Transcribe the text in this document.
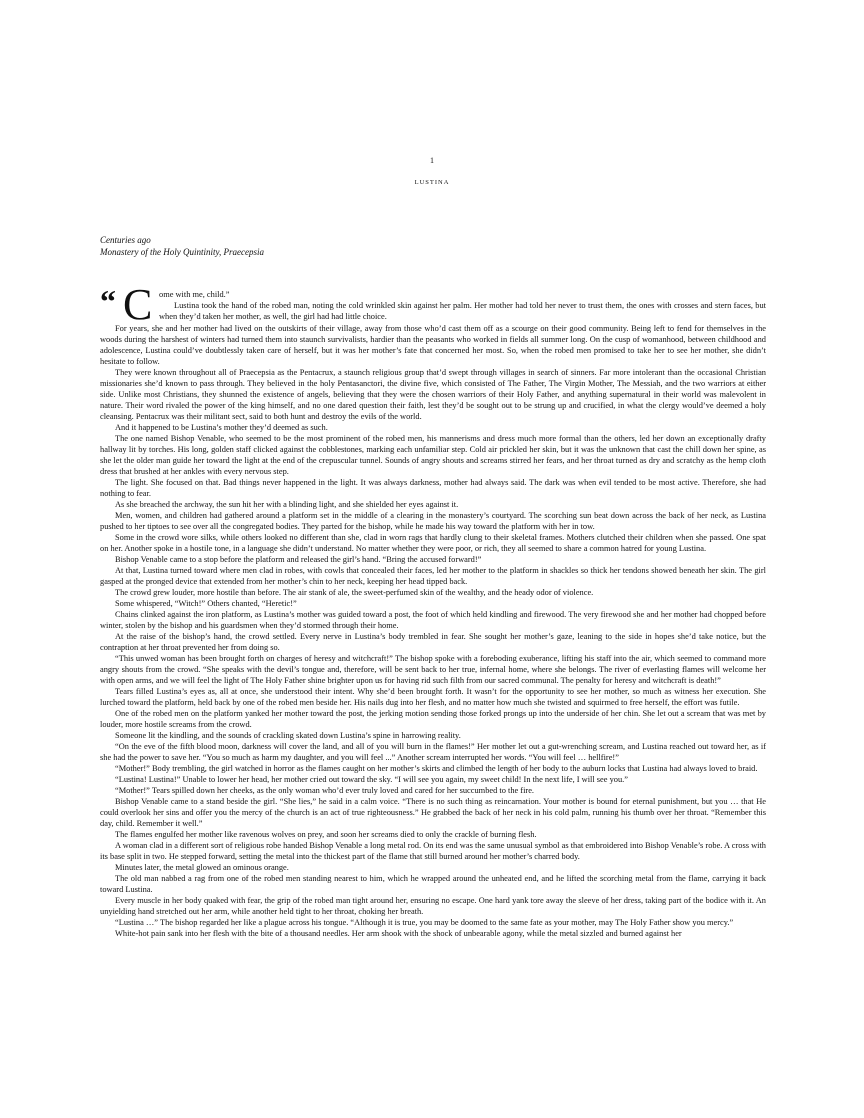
1
LUSTINA
Centuries ago
Monastery of the Holy Quintinity, Praecepsia

“ C ome with me, child.”

Lustina took the hand of the robed man, noting the cold wrinkled skin against her palm. Her mother had told her never to trust them, the ones with crosses and stern faces, but when they’d taken her mother, as well, the girl had had little choice.

For years, she and her mother had lived on the outskirts of their village, away from those who’d cast them off as a scourge on their good community. Being left to fend for themselves in the woods during the harshest of winters had turned them into staunch survivalists, hardier than the peasants who worked in fields all summer long. On the cusp of womanhood, between childhood and adolescence, Lustina could’ve doubtlessly taken care of herself, but it was her mother’s fate that concerned her most. So, when the robed men promised to take her to see her mother, she didn’t hesitate to follow.

They were known throughout all of Praecepsia as the Pentacrux, a staunch religious group that’d swept through villages in search of sinners. Far more intolerant than the occasional Christian missionaries she’d known to pass through. They believed in the holy Pentasanctori, the divine five, which consisted of The Father, The Virgin Mother, The Messiah, and the two warriors at either side. Unlike most Christians, they shunned the existence of angels, believing that they were the chosen warriors of their Holy Father, and anything supernatural in their world was malevolent in nature. Their word rivaled the power of the king himself, and no one dared question their faith, lest they’d be sought out to be strung up and crucified, in what the clergy would’ve deemed a holy cleansing. Pentacrux was their militant sect, said to both hunt and destroy the evils of the world.

And it happened to be Lustina’s mother they’d deemed as such.

The one named Bishop Venable, who seemed to be the most prominent of the robed men, his mannerisms and dress much more formal than the others, led her down an exceptionally drafty hallway lit by torches. His long, golden staff clicked against the cobblestones, marking each unfamiliar step. Cold air prickled her skin, but it was the unknown that cast the chill down her spine, as she let the older man guide her toward the light at the end of the crepuscular tunnel. Sounds of angry shouts and screams stirred her fears, and her throat turned as dry and scratchy as the hemp cloth dress that brushed at her ankles with every nervous step.

The light. She focused on that. Bad things never happened in the light. It was always darkness, mother had always said. The dark was when evil tended to be most active. Therefore, she had nothing to fear.

As she breached the archway, the sun hit her with a blinding light, and she shielded her eyes against it.

Men, women, and children had gathered around a platform set in the middle of a clearing in the monastery’s courtyard. The scorching sun beat down across the back of her neck, as Lustina pushed to her tiptoes to see over all the congregated bodies. They parted for the bishop, while he made his way toward the platform with her in tow.

Some in the crowd wore silks, while others looked no different than she, clad in worn rags that hardly clung to their skeletal frames. Mothers clutched their children when she passed. One spat on her. Another spoke in a hostile tone, in a language she didn’t understand. No matter whether they were poor, or rich, they all seemed to share a common hatred for young Lustina.

Bishop Venable came to a stop before the platform and released the girl’s hand. “Bring the accused forward!”

At that, Lustina turned toward where men clad in robes, with cowls that concealed their faces, led her mother to the platform in shackles so thick her tendons showed beneath her skin. The girl gasped at the pronged device that extended from her mother’s chin to her neck, keeping her head tipped back.

The crowd grew louder, more hostile than before. The air stank of ale, the sweet-perfumed skin of the wealthy, and the heady odor of violence.

Some whispered, “Witch!” Others chanted, “Heretic!”

Chains clinked against the iron platform, as Lustina’s mother was guided toward a post, the foot of which held kindling and firewood. The very firewood she and her mother had chopped before winter, stolen by the bishop and his guardsmen when they’d stormed through their home.

At the raise of the bishop’s hand, the crowd settled. Every nerve in Lustina’s body trembled in fear. She sought her mother’s gaze, leaning to the side in hopes she’d take notice, but the contraption at her throat prevented her from doing so.

“This unwed woman has been brought forth on charges of heresy and witchcraft!” The bishop spoke with a foreboding exuberance, lifting his staff into the air, which seemed to command more angry shouts from the crowd. “She speaks with the devil’s tongue and, therefore, will be sent back to her true, infernal home, where she belongs. The river of everlasting flames will welcome her with open arms, and we will feel the light of The Holy Father shine brighter upon us for having rid such filth from our sacred communal. The penalty for heresy and witchcraft is death!”

Tears filled Lustina’s eyes as, all at once, she understood their intent. Why she’d been brought forth. It wasn’t for the opportunity to see her mother, so much as witness her execution. She lurched toward the platform, held back by one of the robed men beside her. His nails dug into her flesh, and no matter how much she twisted and squirmed to free herself, the effort was futile.

One of the robed men on the platform yanked her mother toward the post, the jerking motion sending those forked prongs up into the underside of her chin. She let out a scream that was met by louder, more hostile screams from the crowd.

Someone lit the kindling, and the sounds of crackling skated down Lustina’s spine in harrowing reality.

“On the eve of the fifth blood moon, darkness will cover the land, and all of you will burn in the flames!” Her mother let out a gut-wrenching scream, and Lustina reached out toward her, as if she had the power to save her. “You so much as harm my daughter, and you will feel ...” Another scream interrupted her words. “You will feel … hellfire!”

“Mother!” Body trembling, the girl watched in horror as the flames caught on her mother’s skirts and climbed the length of her body to the auburn locks that Lustina had always loved to braid.

“Lustina! Lustina!” Unable to lower her head, her mother cried out toward the sky. “I will see you again, my sweet child! In the next life, I will see you.”

“Mother!” Tears spilled down her cheeks, as the only woman who’d ever truly loved and cared for her succumbed to the fire.

Bishop Venable came to a stand beside the girl. “She lies,” he said in a calm voice. “There is no such thing as reincarnation. Your mother is bound for eternal punishment, but you … that He could overlook her sins and offer you the mercy of the church is an act of true righteousness.” He grabbed the back of her neck in his cold palm, running his thumb over her throat. “Remember this day, child. Remember it well.”

The flames engulfed her mother like ravenous wolves on prey, and soon her screams died to only the crackle of burning flesh.

A woman clad in a different sort of religious robe handed Bishop Venable a long metal rod. On its end was the same unusual symbol as that embroidered into Bishop Venable’s robe. A cross with its base split in two. He stepped forward, setting the metal into the thickest part of the flame that still burned around her mother’s charred body.

Minutes later, the metal glowed an ominous orange.

The old man nabbed a rag from one of the robed men standing nearest to him, which he wrapped around the unheated end, and he lifted the scorching metal from the flame, carrying it back toward Lustina.

Every muscle in her body quaked with fear, the grip of the robed man tight around her, ensuring no escape. One hard yank tore away the sleeve of her dress, taking part of the bodice with it. An unyielding hand stretched out her arm, while another held tight to her throat, choking her breath.

“Lustina …” The bishop regarded her like a plague across his tongue. “Although it is true, you may be doomed to the same fate as your mother, may The Holy Father show you mercy.”

White-hot pain sank into her flesh with the bite of a thousand needles. Her arm shook with the shock of unbearable agony, while the metal sizzled and burned against her
